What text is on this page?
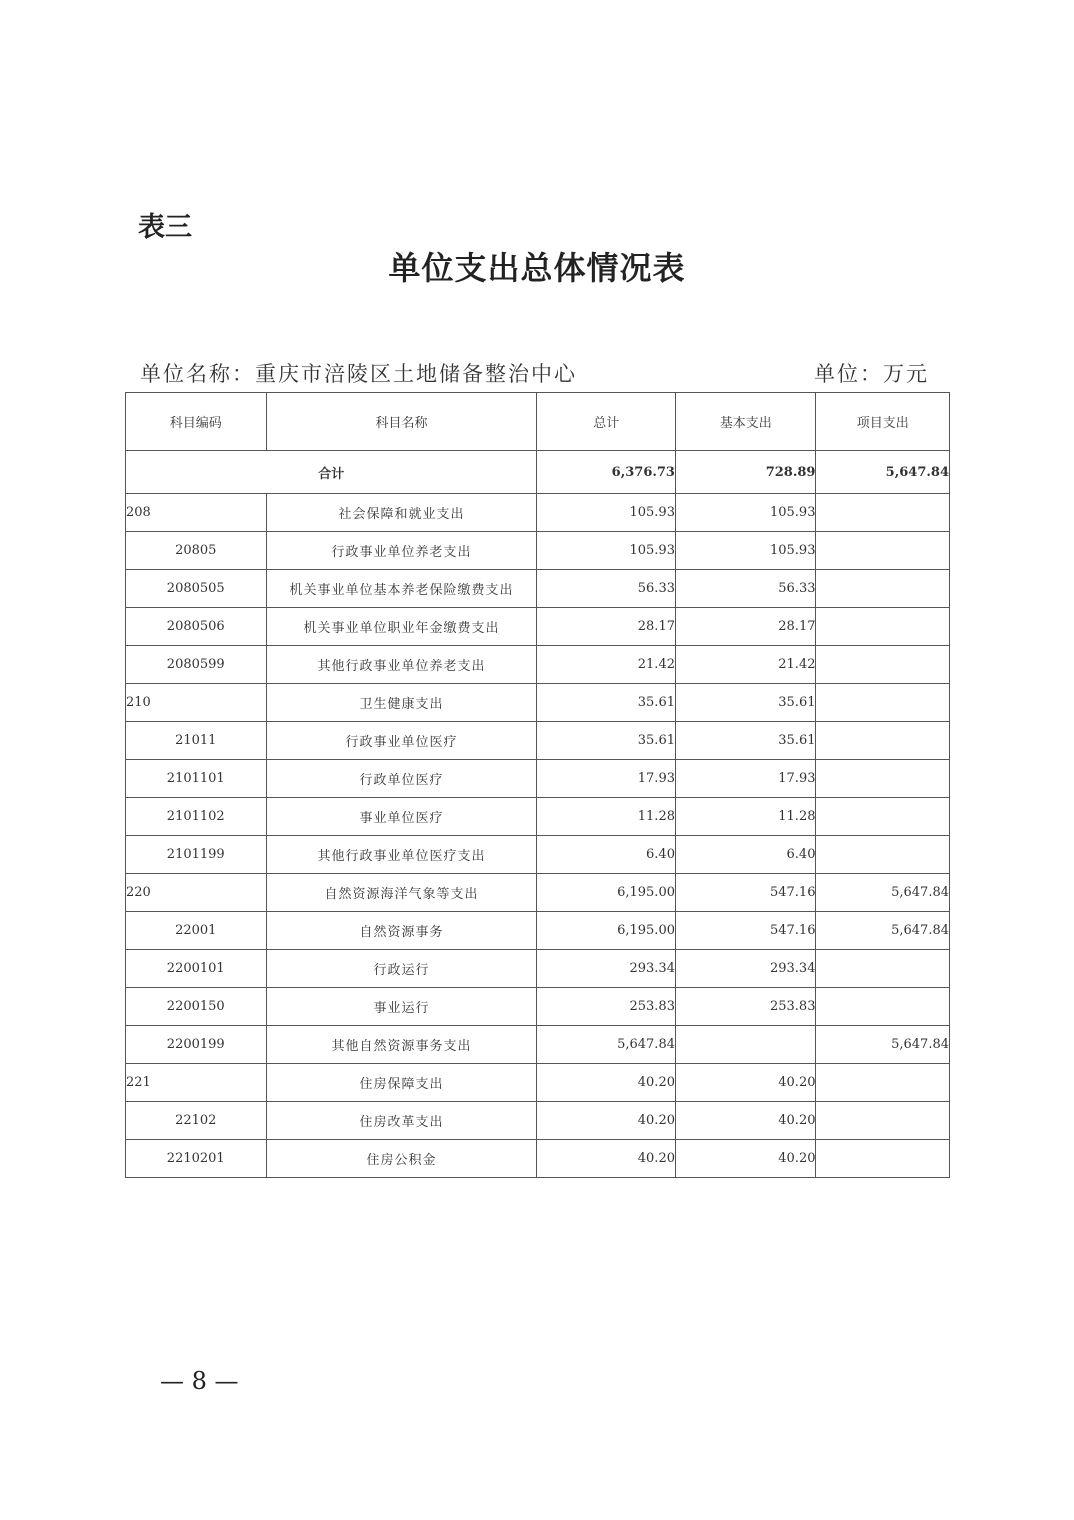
表三
单位支出总体情况表
单位名称：重庆市涪陵区土地储备整治中心	单位：万元
科目编码	科目名称	总计	基本支出	项目支出
合计		6,376.73	728.89	5,647.84
208	社会保障和就业支出	105.93	105.93	
20805	行政事业单位养老支出	105.93	105.93	
2080505	机关事业单位基本养老保险缴费支出	56.33	56.33	
2080506	机关事业单位职业年金缴费支出	28.17	28.17	
2080599	其他行政事业单位养老支出	21.42	21.42	
210	卫生健康支出	35.61	35.61	
21011	行政事业单位医疗	35.61	35.61	
2101101	行政单位医疗	17.93	17.93	
2101102	事业单位医疗	11.28	11.28	
2101199	其他行政事业单位医疗支出	6.40	6.40	
220	自然资源海洋气象等支出	6,195.00	547.16	5,647.84
22001	自然资源事务	6,195.00	547.16	5,647.84
2200101	行政运行	293.34	293.34	
2200150	事业运行	253.83	253.83	
2200199	其他自然资源事务支出	5,647.84		5,647.84
221	住房保障支出	40.20	40.20	
22102	住房改革支出	40.20	40.20	
2210201	住房公积金	40.20	40.20	
— 8 —
